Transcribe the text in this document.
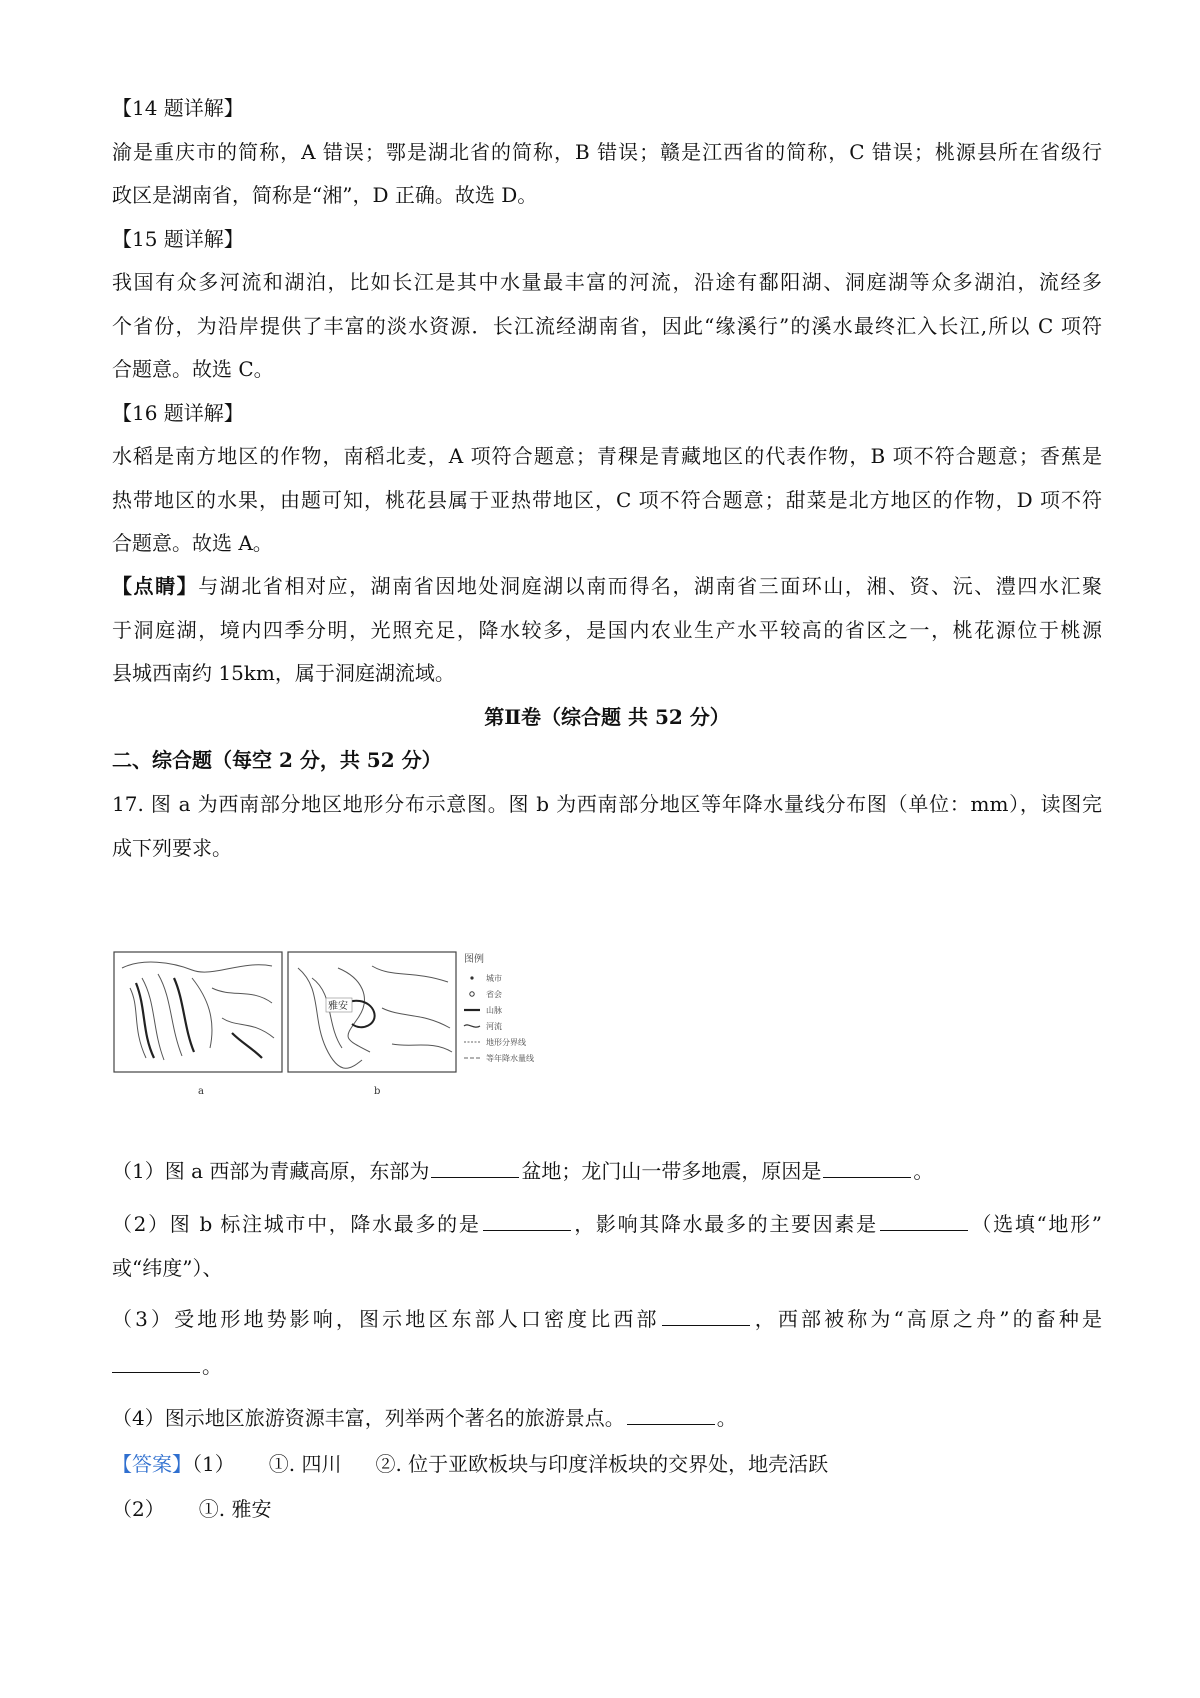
【14 题详解】
渝是重庆市的简称，A 错误；鄂是湖北省的简称，B 错误；赣是江西省的简称，C 错误；桃源县所在省级行
政区是湖南省，简称是“湘”，D 正确。故选 D。
【15 题详解】
我国有众多河流和湖泊，比如长江是其中水量最丰富的河流，沿途有鄱阳湖、洞庭湖等众多湖泊，流经多
个省份，为沿岸提供了丰富的淡水资源．长江流经湖南省，因此“缘溪行”的溪水最终汇入长江,所以 C 项符
合题意。故选 C。
【16 题详解】
水稻是南方地区的作物，南稻北麦，A 项符合题意；青稞是青藏地区的代表作物，B 项不符合题意；香蕉是
热带地区的水果，由题可知，桃花县属于亚热带地区，C 项不符合题意；甜菜是北方地区的作物，D 项不符
合题意。故选 A。
【点睛】与湖北省相对应，湖南省因地处洞庭湖以南而得名，湖南省三面环山，湘、资、沅、澧四水汇聚
于洞庭湖，境内四季分明，光照充足，降水较多，是国内农业生产水平较高的省区之一，桃花源位于桃源
县城西南约 15km，属于洞庭湖流域。
第Ⅱ卷（综合题 共 52 分）
二、综合题（每空 2 分，共 52 分）
17. 图 a 为西南部分地区地形分布示意图。图 b 为西南部分地区等年降水量线分布图（单位：mm），读图完
成下列要求。
a
雅安
b
图例
城市
省会
山脉
河流
地形分界线
等年降水量线
（1）图 a 西部为青藏高原，东部为	盆地；龙门山一带多地震，原因是	。
（2）图 b 标注城市中，降水最多的是	，影响其降水最多的主要因素是	（选填“地形”
或“纬度”）、
（3）受地形地势影响，图示地区东部人口密度比西部	，西部被称为“高原之舟”的畜种是
。
（4）图示地区旅游资源丰富，列举两个著名的旅游景点。	。
【答案】（1） ①. 四川 ②. 位于亚欧板块与印度洋板块的交界处，地壳活跃
（2） ①. 雅安
